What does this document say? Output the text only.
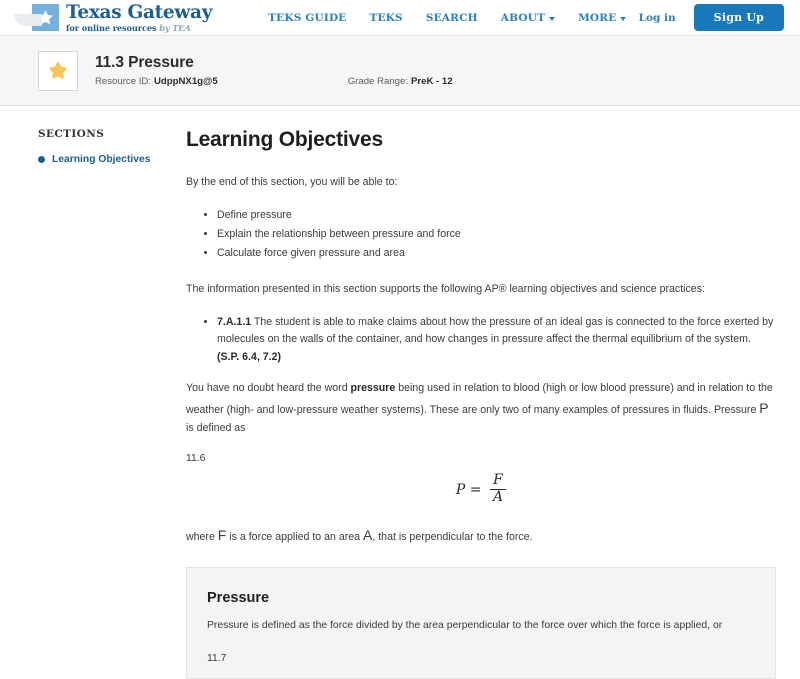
Texas Gateway
for online resources by TEA
TEKS GUIDE TEKS SEARCH ABOUT	MORE Log in	Sign Up
11.3 Pressure
Resource ID: UdppNX1g@5	Grade Range: PreK - 12
SECTIONS
Learning Objectives
Learning Objectives

By the end of this section, you will be able to:

• Define pressure
• Explain the relationship between pressure and force
• Calculate force given pressure and area

The information presented in this section supports the following AP® learning objectives and science practices:

• 7.A.1.1 The student is able to make claims about how the pressure of an ideal gas is connected to the force exerted by molecules on the walls of the container, and how changes in pressure affect the thermal equilibrium of the system. (S.P. 6.4, 7.2)

You have no doubt heard the word pressure being used in relation to blood (high or low blood pressure) and in relation to the weather (high- and low-pressure weather systems). These are only two of many examples of pressures in fluids. Pressure P is defined as

11.6

$P = \frac{F}{A}$

where F is a force applied to an area A, that is perpendicular to the force.

Pressure

Pressure is defined as the force divided by the area perpendicular to the force over which the force is applied, or

11.7
